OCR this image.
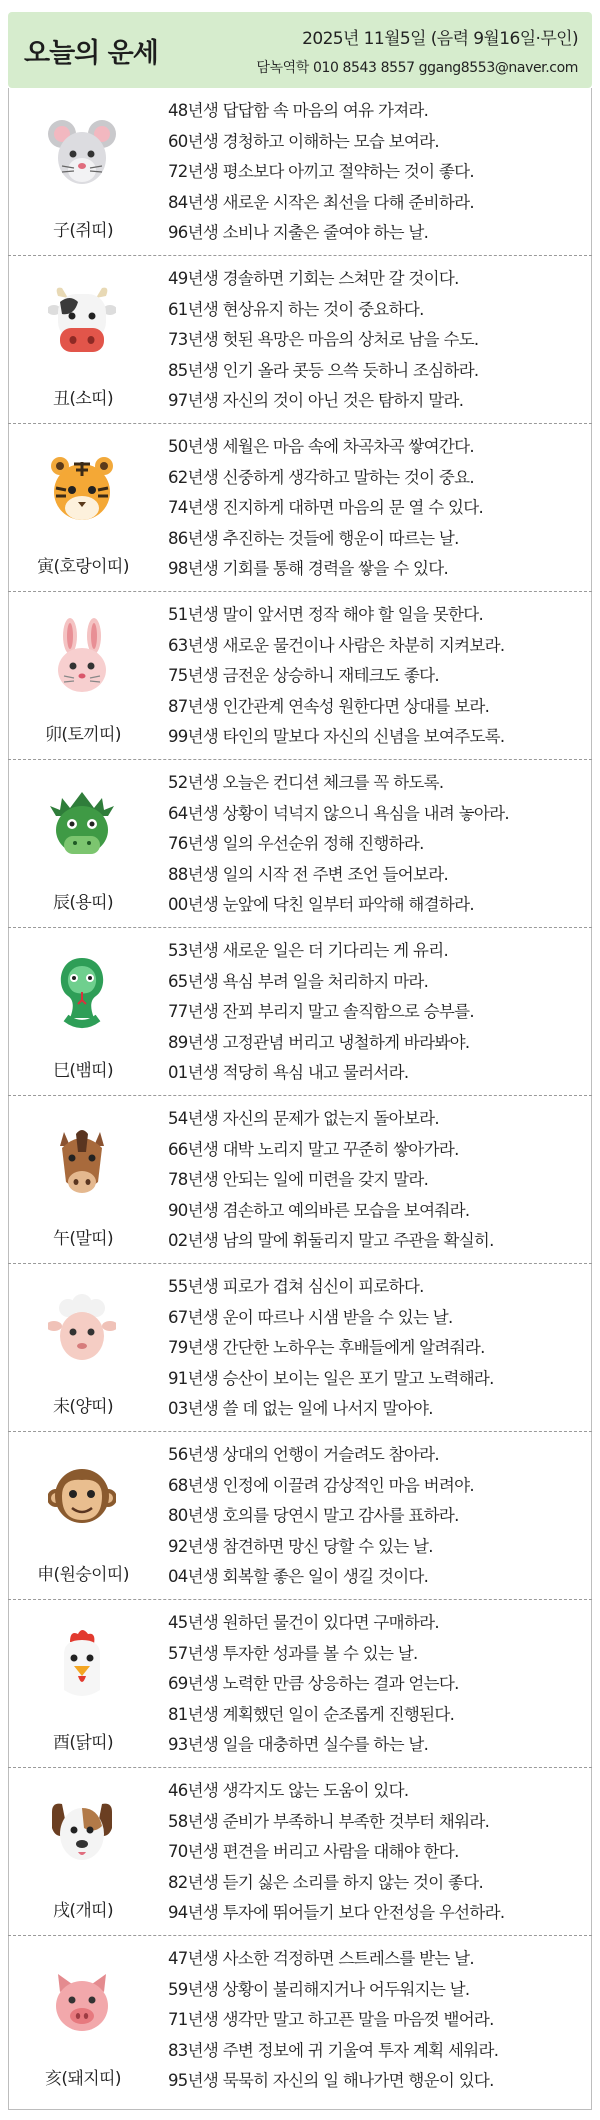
오늘의 운세	2025년 11월5일 (음력 9월16일·무인)
담녹역학 010 8543 8557 ggang8553@naver.com
子(쥐띠)
48년생 답답함 속 마음의 여유 가져라.
60년생 경청하고 이해하는 모습 보여라.
72년생 평소보다 아끼고 절약하는 것이 좋다.
84년생 새로운 시작은 최선을 다해 준비하라.
96년생 소비나 지출은 줄여야 하는 날.
丑(소띠)
49년생 경솔하면 기회는 스쳐만 갈 것이다.
61년생 현상유지 하는 것이 중요하다.
73년생 헛된 욕망은 마음의 상처로 남을 수도.
85년생 인기 올라 콧등 으쓱 듯하니 조심하라.
97년생 자신의 것이 아닌 것은 탐하지 말라.
寅(호랑이띠)
50년생 세월은 마음 속에 차곡차곡 쌓여간다.
62년생 신중하게 생각하고 말하는 것이 중요.
74년생 진지하게 대하면 마음의 문 열 수 있다.
86년생 추진하는 것들에 행운이 따르는 날.
98년생 기회를 통해 경력을 쌓을 수 있다.
卯(토끼띠)
51년생 말이 앞서면 정작 해야 할 일을 못한다.
63년생 새로운 물건이나 사람은 차분히 지켜보라.
75년생 금전운 상승하니 재테크도 좋다.
87년생 인간관계 연속성 원한다면 상대를 보라.
99년생 타인의 말보다 자신의 신념을 보여주도록.
辰(용띠)
52년생 오늘은 컨디션 체크를 꼭 하도록.
64년생 상황이 넉넉지 않으니 욕심을 내려 놓아라.
76년생 일의 우선순위 정해 진행하라.
88년생 일의 시작 전 주변 조언 들어보라.
00년생 눈앞에 닥친 일부터 파악해 해결하라.
巳(뱀띠)
53년생 새로운 일은 더 기다리는 게 유리.
65년생 욕심 부려 일을 처리하지 마라.
77년생 잔꾀 부리지 말고 솔직함으로 승부를.
89년생 고정관념 버리고 냉철하게 바라봐야.
01년생 적당히 욕심 내고 물러서라.
午(말띠)
54년생 자신의 문제가 없는지 돌아보라.
66년생 대박 노리지 말고 꾸준히 쌓아가라.
78년생 안되는 일에 미련을 갖지 말라.
90년생 겸손하고 예의바른 모습을 보여줘라.
02년생 남의 말에 휘둘리지 말고 주관을 확실히.
未(양띠)
55년생 피로가 겹쳐 심신이 피로하다.
67년생 운이 따르나 시샘 받을 수 있는 날.
79년생 간단한 노하우는 후배들에게 알려줘라.
91년생 승산이 보이는 일은 포기 말고 노력해라.
03년생 쓸 데 없는 일에 나서지 말아야.
申(원숭이띠)
56년생 상대의 언행이 거슬려도 참아라.
68년생 인정에 이끌려 감상적인 마음 버려야.
80년생 호의를 당연시 말고 감사를 표하라.
92년생 참견하면 망신 당할 수 있는 날.
04년생 회복할 좋은 일이 생길 것이다.
酉(닭띠)
45년생 원하던 물건이 있다면 구매하라.
57년생 투자한 성과를 볼 수 있는 날.
69년생 노력한 만큼 상응하는 결과 얻는다.
81년생 계획했던 일이 순조롭게 진행된다.
93년생 일을 대충하면 실수를 하는 날.
戌(개띠)
46년생 생각지도 않는 도움이 있다.
58년생 준비가 부족하니 부족한 것부터 채워라.
70년생 편견을 버리고 사람을 대해야 한다.
82년생 듣기 싫은 소리를 하지 않는 것이 좋다.
94년생 투자에 뛰어들기 보다 안전성을 우선하라.
亥(돼지띠)
47년생 사소한 걱정하면 스트레스를 받는 날.
59년생 상황이 불리해지거나 어두워지는 날.
71년생 생각만 말고 하고픈 말을 마음껏 뱉어라.
83년생 주변 정보에 귀 기울여 투자 계획 세워라.
95년생 묵묵히 자신의 일 해나가면 행운이 있다.
